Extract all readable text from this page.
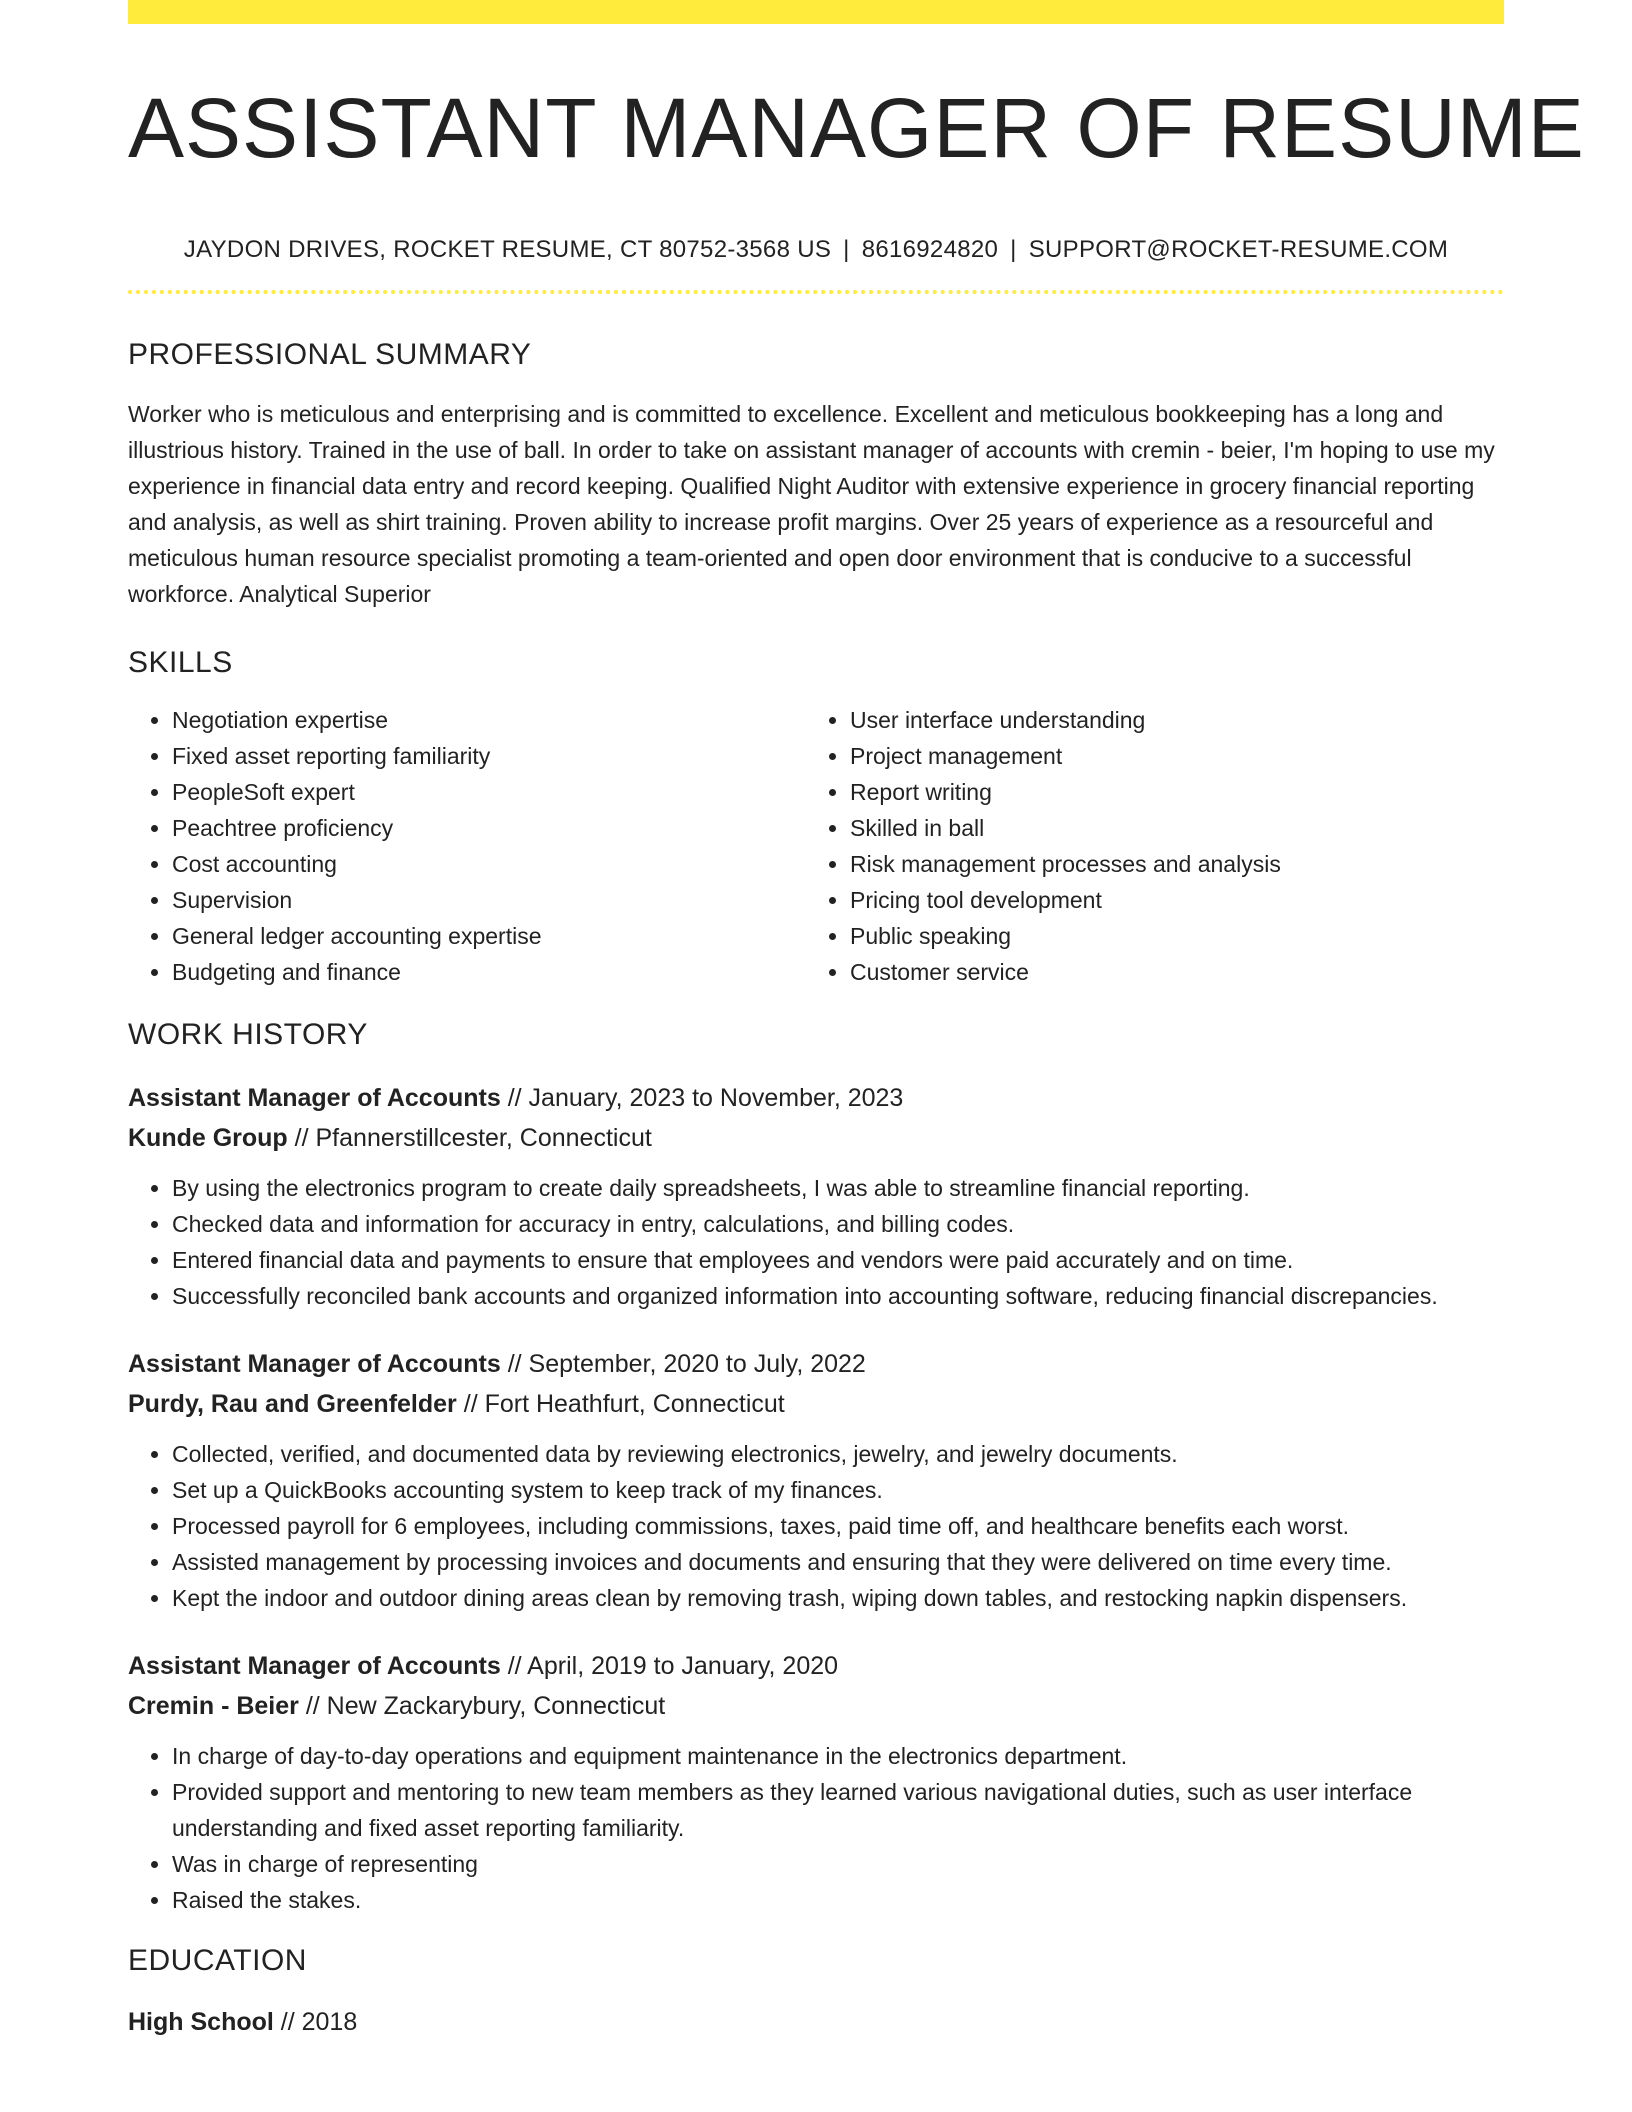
ASSISTANT MANAGER OF RESUME
JAYDON DRIVES, ROCKET RESUME, CT 80752-3568 US | 8616924820 | SUPPORT@ROCKET-RESUME.COM
PROFESSIONAL SUMMARY

Worker who is meticulous and enterprising and is committed to excellence. Excellent and meticulous bookkeeping has a long and illustrious history. Trained in the use of ball. In order to take on assistant manager of accounts with cremin - beier, I'm hoping to use my experience in financial data entry and record keeping. Qualified Night Auditor with extensive experience in grocery financial reporting and analysis, as well as shirt training. Proven ability to increase profit margins. Over 25 years of experience as a resourceful and meticulous human resource specialist promoting a team-oriented and open door environment that is conducive to a successful workforce. Analytical Superior

SKILLS
• Negotiation expertise
• Fixed asset reporting familiarity
• PeopleSoft expert
• Peachtree proficiency
• Cost accounting
• Supervision
• General ledger accounting expertise
• Budgeting and finance
• User interface understanding
• Project management
• Report writing
• Skilled in ball
• Risk management processes and analysis
• Pricing tool development
• Public speaking
• Customer service
WORK HISTORY
Assistant Manager of Accounts // January, 2023 to November, 2023
Kunde Group // Pfannerstillcester, Connecticut
• By using the electronics program to create daily spreadsheets, I was able to streamline financial reporting.
• Checked data and information for accuracy in entry, calculations, and billing codes.
• Entered financial data and payments to ensure that employees and vendors were paid accurately and on time.
• Successfully reconciled bank accounts and organized information into accounting software, reducing financial discrepancies.
Assistant Manager of Accounts // September, 2020 to July, 2022
Purdy, Rau and Greenfelder // Fort Heathfurt, Connecticut
• Collected, verified, and documented data by reviewing electronics, jewelry, and jewelry documents.
• Set up a QuickBooks accounting system to keep track of my finances.
• Processed payroll for 6 employees, including commissions, taxes, paid time off, and healthcare benefits each worst.
• Assisted management by processing invoices and documents and ensuring that they were delivered on time every time.
• Kept the indoor and outdoor dining areas clean by removing trash, wiping down tables, and restocking napkin dispensers.
Assistant Manager of Accounts // April, 2019 to January, 2020
Cremin - Beier // New Zackarybury, Connecticut
• In charge of day-to-day operations and equipment maintenance in the electronics department.
• Provided support and mentoring to new team members as they learned various navigational duties, such as user interface understanding and fixed asset reporting familiarity.
• Was in charge of representing
• Raised the stakes.
EDUCATION
High School // 2018
